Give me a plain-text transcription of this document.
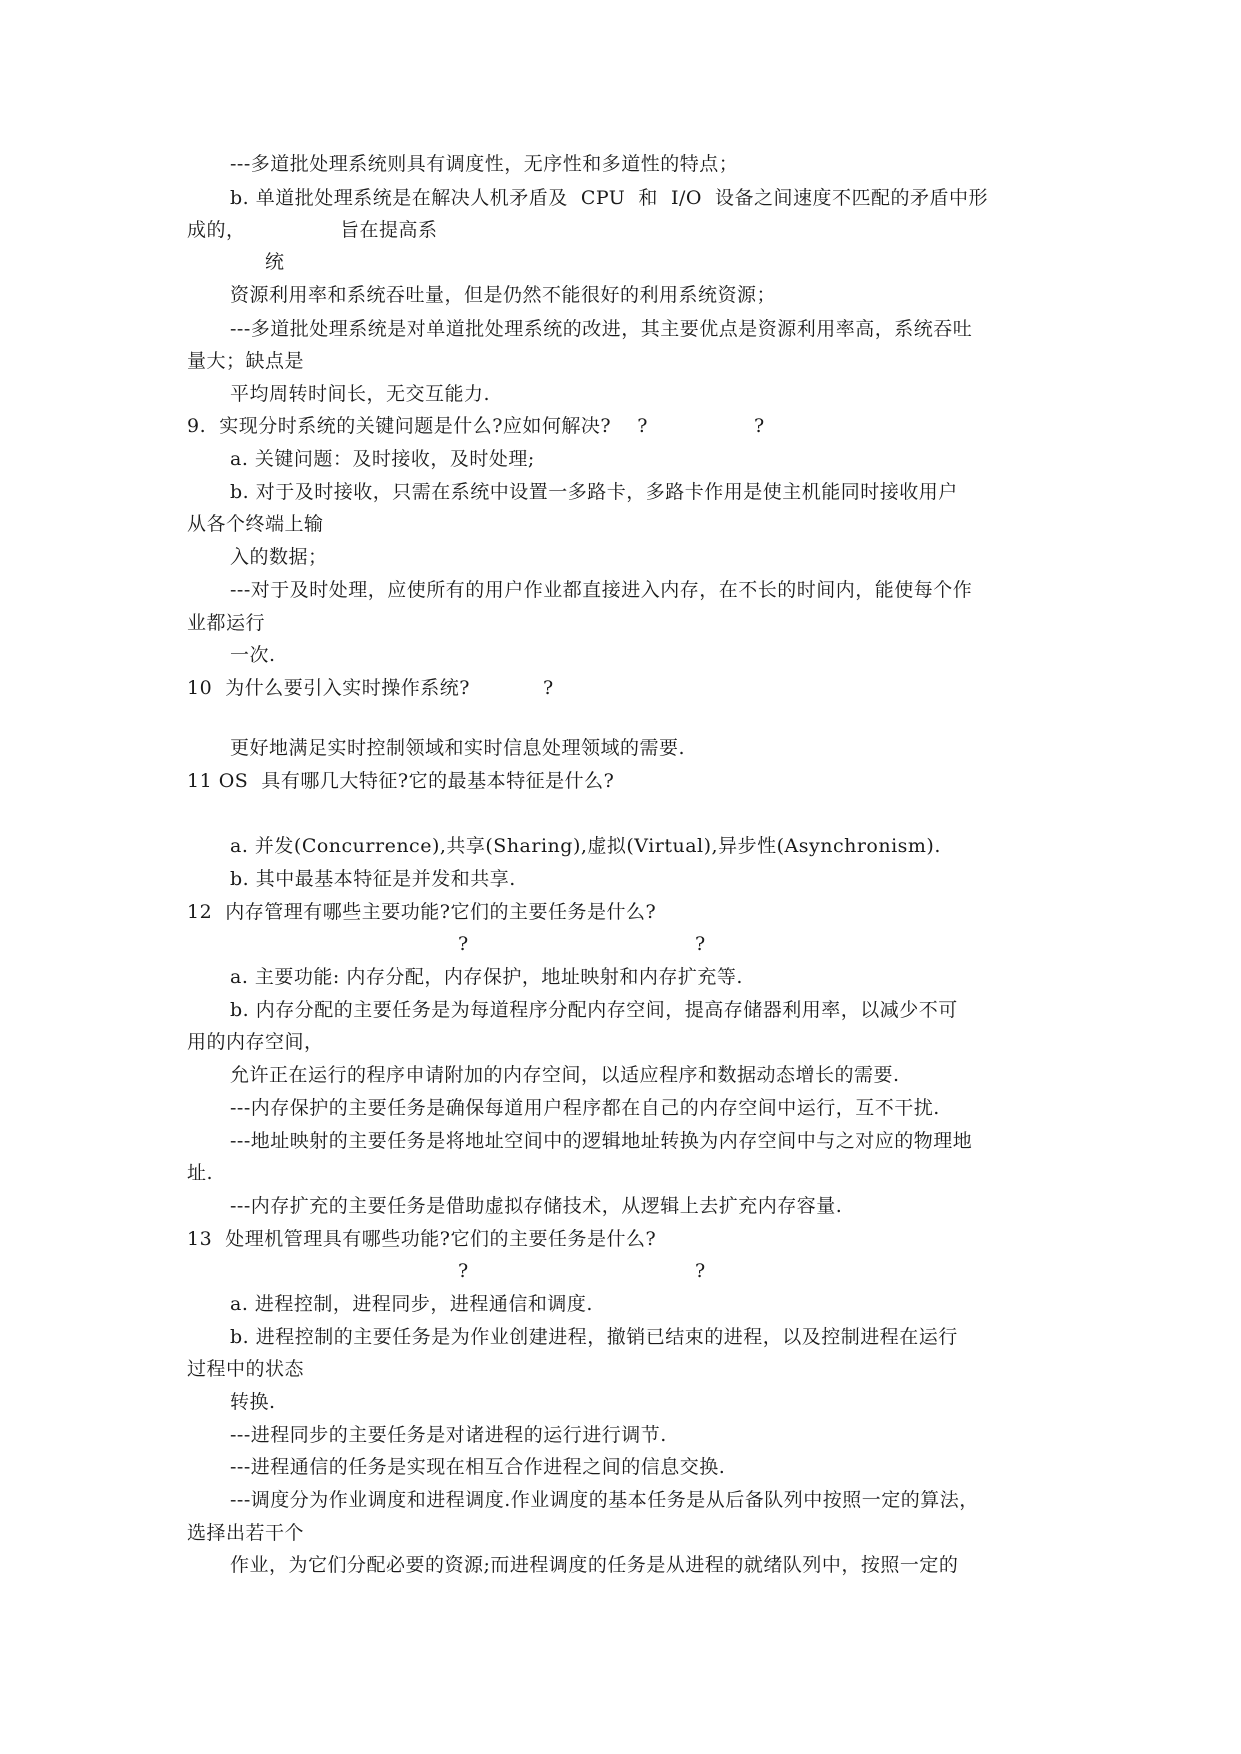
---多道批处理系统则具有调度性，无序性和多道性的特点；
b. 单道批处理系统是在解决人机矛盾及  CPU  和  I/O  设备之间速度不匹配的矛盾中形
成的，	旨在提高系
统
资源利用率和系统吞吐量，但是仍然不能很好的利用系统资源；
---多道批处理系统是对单道批处理系统的改进，其主要优点是资源利用率高，系统吞吐
量大；缺点是
平均周转时间长，无交互能力.
9.  实现分时系统的关键问题是什么?应如何解决?    ?	?
a. 关键问题：及时接收，及时处理;
b. 对于及时接收，只需在系统中设置一多路卡，多路卡作用是使主机能同时接收用户
从各个终端上输
入的数据；
---对于及时处理，应使所有的用户作业都直接进入内存，在不长的时间内，能使每个作
业都运行
一次.
10  为什么要引入实时操作系统?	?
更好地满足实时控制领域和实时信息处理领域的需要.
11 OS  具有哪几大特征?它的最基本特征是什么?
a. 并发(Concurrence),共享(Sharing),虚拟(Virtual),异步性(Asynchronism).
b. 其中最基本特征是并发和共享.
12  内存管理有哪些主要功能?它们的主要任务是什么?
?	?
a. 主要功能: 内存分配，内存保护，地址映射和内存扩充等.
b. 内存分配的主要任务是为每道程序分配内存空间，提高存储器利用率，以减少不可
用的内存空间，
允许正在运行的程序申请附加的内存空间，以适应程序和数据动态增长的需要.
---内存保护的主要任务是确保每道用户程序都在自己的内存空间中运行，互不干扰.
---地址映射的主要任务是将地址空间中的逻辑地址转换为内存空间中与之对应的物理地
址.
---内存扩充的主要任务是借助虚拟存储技术，从逻辑上去扩充内存容量.
13  处理机管理具有哪些功能?它们的主要任务是什么?
?	?
a. 进程控制，进程同步，进程通信和调度.
b. 进程控制的主要任务是为作业创建进程，撤销已结束的进程，以及控制进程在运行
过程中的状态
转换.
---进程同步的主要任务是对诸进程的运行进行调节.
---进程通信的任务是实现在相互合作进程之间的信息交换.
---调度分为作业调度和进程调度.作业调度的基本任务是从后备队列中按照一定的算法，
选择出若干个
作业，为它们分配必要的资源;而进程调度的任务是从进程的就绪队列中，按照一定的
